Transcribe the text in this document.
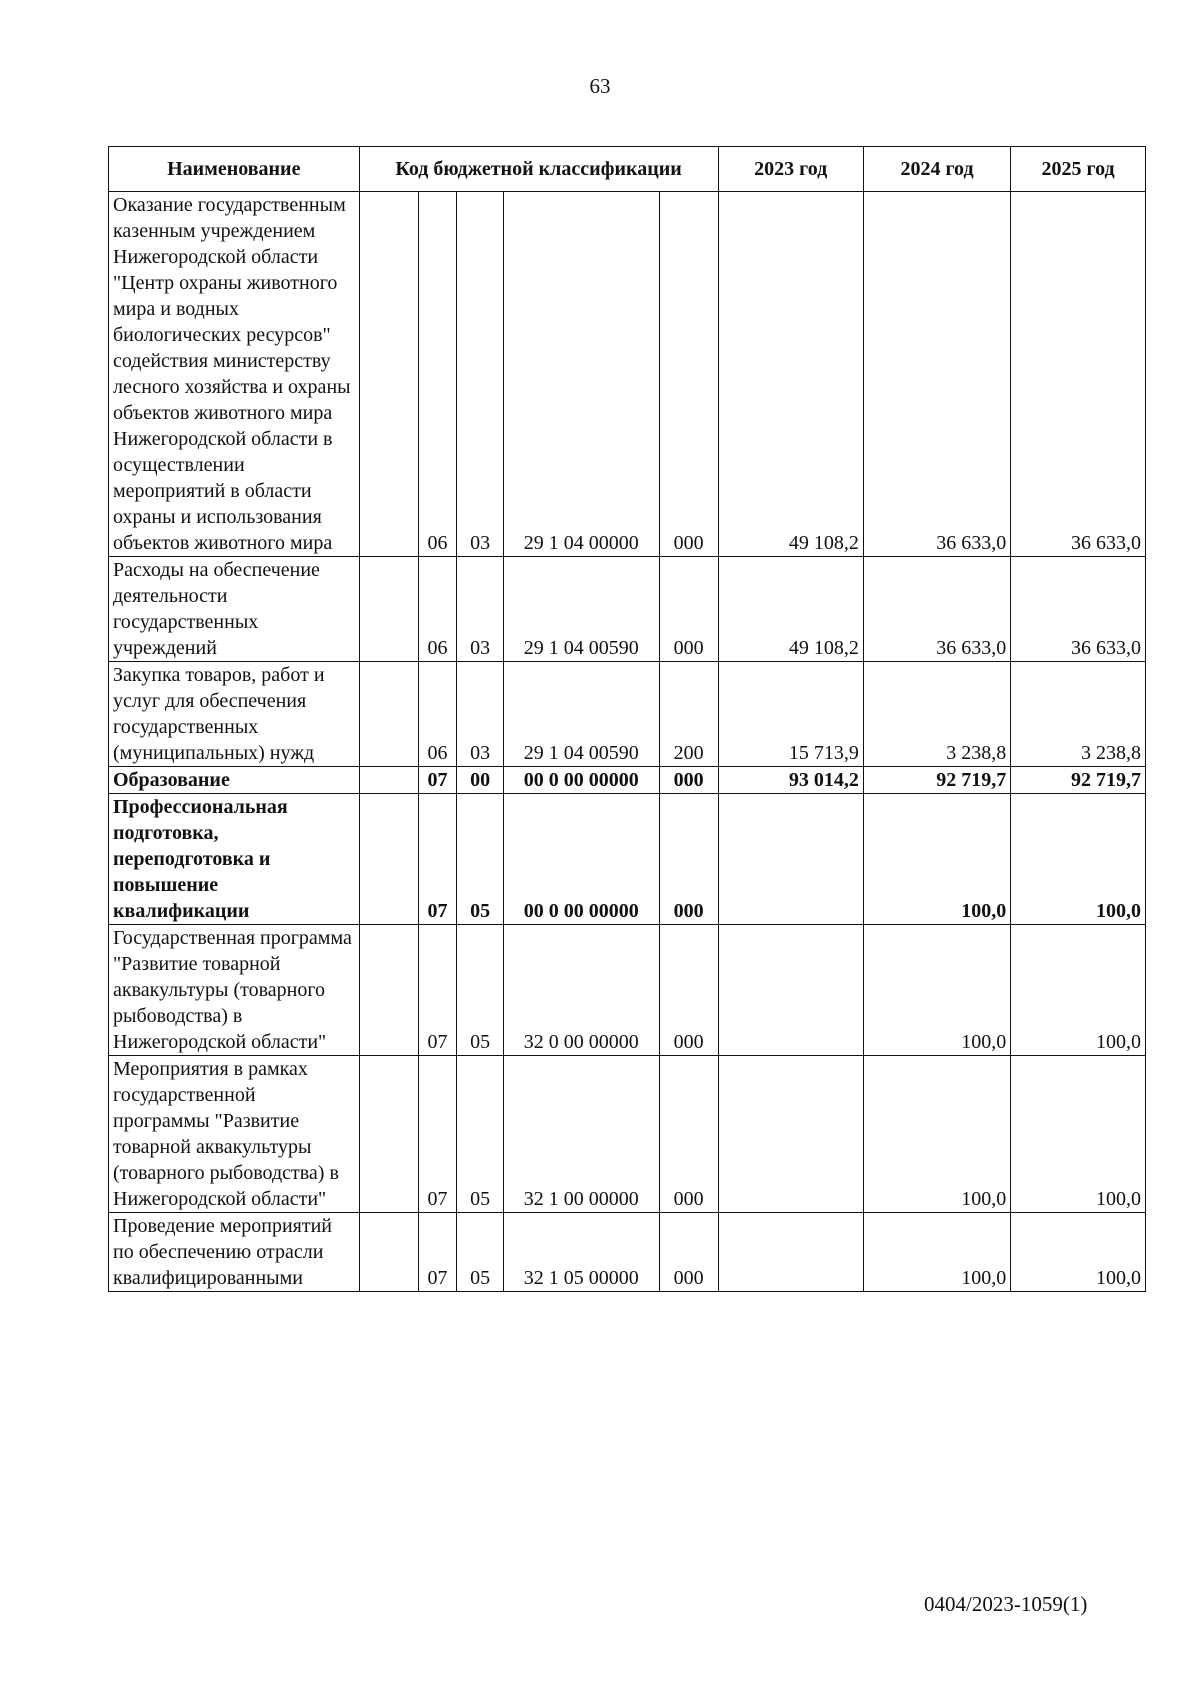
63
Наименование	Код бюджетной классификации					2023 год	2024 год	2025 год
Оказание государственным казенным учреждением Нижегородской области "Центр охраны животного мира и водных биологических ресурсов" содействия министерству лесного хозяйства и охраны объектов животного мира Нижегородской области в осуществлении мероприятий в области охраны и использования объектов животного мира		06	03	29 1 04 00000	000	49 108,2	36 633,0	36 633,0
Расходы на обеспечение деятельности государственных учреждений		06	03	29 1 04 00590	000	49 108,2	36 633,0	36 633,0
Закупка товаров, работ и услуг для обеспечения государственных (муниципальных) нужд		06	03	29 1 04 00590	200	15 713,9	3 238,8	3 238,8
Образование		07	00	00 0 00 00000	000	93 014,2	92 719,7	92 719,7
Профессиональная подготовка, переподготовка и повышение квалификации		07	05	00 0 00 00000	000		100,0	100,0
Государственная программа "Развитие товарной аквакультуры (товарного рыбоводства) в Нижегородской области"		07	05	32 0 00 00000	000		100,0	100,0
Мероприятия в рамках государственной программы "Развитие товарной аквакультуры (товарного рыбоводства) в Нижегородской области"		07	05	32 1 00 00000	000		100,0	100,0
Проведение мероприятий по обеспечению отрасли квалифицированными		07	05	32 1 05 00000	000		100,0	100,0
0404/2023-1059(1)
